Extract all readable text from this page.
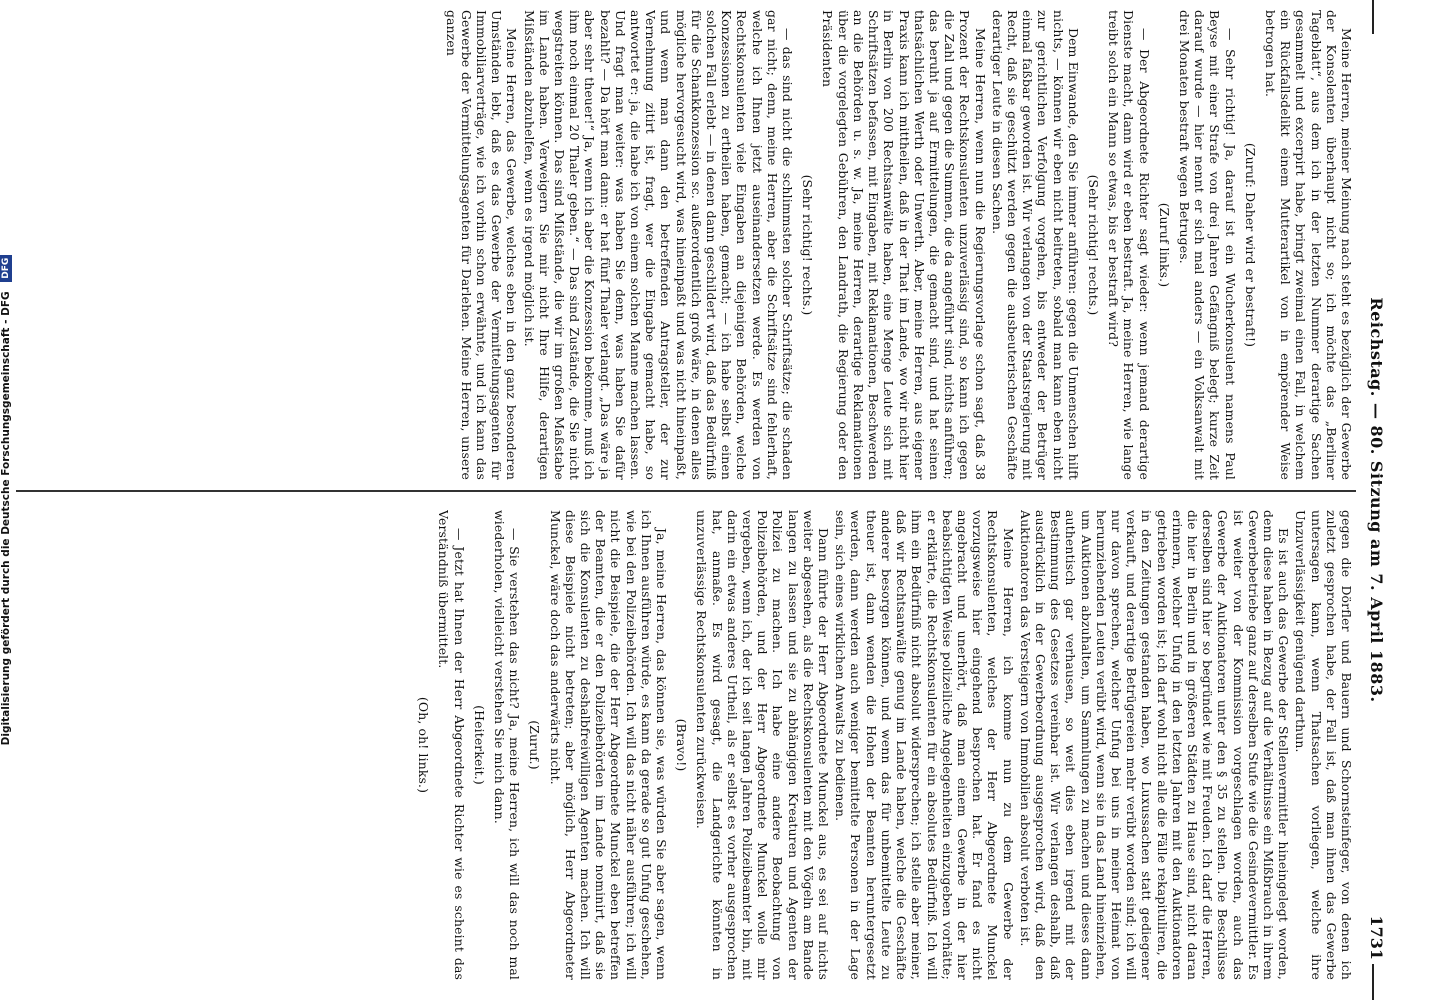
Reichstag. — 80. Sitzung am 7. April 1883.

Meine Herren, meiner Meinung nach steht es bezüglich der Gewerbe der Konsolenten überhaupt nicht so; ich möchte das „Berliner Tageblatt“, aus dem ich in der letzten Nummer derartige Sachen gesammelt und excerpirt habe, bringt zweimal einen Fall, in welchem ein Rückfallsdelikt einem Mutterartikel von in empörender Weise betrogen hat.

(Zuruf: Daher wird er bestraft!)

— Sehr richtig! Ja, darauf ist ein Wucherkonsulent namens Paul Beyse mit einer Strafe von drei Jahren Gefängniß belegt; kurze Zeit darauf wurde — hier nennt er sich mal anders — ein Volksanwalt mit drei Monaten bestraft wegen Betruges.

(Zuruf links.)

— Der Abgeordnete Richter sagt wieder: wenn jemand derartige Dienste macht, dann wird er eben bestraft. Ja, meine Herren, wie lange treibt solch ein Mann so etwas, bis er bestraft wird?

(Sehr richtig! rechts.)

Dem Einwande, den Sie immer anführen: gegen die Unmenschen hilft nichts, — können wir eben nicht beitreten, sobald man kann eben nicht zur gerichtlichen Verfolgung vorgehen, bis entweder der Betrüger einmal faßbar geworden ist. Wir verlangen von der Staatsregierung mit Recht, daß sie geschützt werden gegen die ausbeuterischen Geschäfte derartiger Leute in diesen Sachen.

Meine Herren, wenn nun die Regierungsvorlage schon sagt, daß 38 Prozent der Rechtskonsulenten unzuverlässig sind, so kann ich gegen die Zahl und gegen die Summen, die da angeführt sind, nichts anführen; das beruht ja auf Ermittelungen, die gemacht sind, und hat seinen thatsächlichen Werth oder Unwerth. Aber, meine Herren, aus eigener Praxis kann ich mittheilen, daß in der That im Lande, wo wir nicht hier in Berlin von 200 Rechtsanwälte haben, eine Menge Leute sich mit Schriftsätzen befassen, mit Eingaben, mit Reklamationen, Beschwerden an die Behörden u. s. w. Ja, meine Herren, derartige Reklamationen über die vorgelegten Gebühren, den Landrath, die Regierung oder den Präsidenten

(Sehr richtig! rechts.)

— das sind nicht die schlimmsten solcher Schriftsätze; die schaden gar nicht; denn, meine Herren, aber die Schriftsätze sind fehlerhaft, welche ich Ihnen jetzt auseinandersetzen werde. Es werden von Rechtskonsulenten viele Eingaben an diejenigen Behörden, welche Konzessionen zu ertheilen haben, gemacht; — ich habe selbst einen solchen Fall erlebt — in denen dann geschildert wird, daß das Bedürfniß für die Schankkonzession sc. außerordentlich groß wäre, in denen alles mögliche hervorgesucht wird, was hineinpaßt und was nicht hineinpaßt, und wenn man dann den betreffenden Antragsteller, der zur Vernehmung zitirt ist, fragt, wer die Eingabe gemacht habe, so antwortet er: ja, die habe ich von einem solchen Manne machen lassen. Und fragt man weiter: was haben Sie denn, was haben Sie dafür bezahlt? — Da hört man dann: er hat fünf Thaler verlangt. „Das wäre ja aber sehr theuer!“ Ja, wenn ich aber die Konzession bekomme, muß ich ihm noch einmal 20 Thaler geben.“ — Das sind Zustände, die Sie nicht wegstreiten können. Das sind Mißstände, die wir im großen Maßstabe im Lande haben. Verweigern Sie mir nicht Ihre Hilfe, derartigen Mißständen abzuhelfen, wenn es irgend möglich ist.

Meine Herren, das Gewerbe, welches eben in den ganz besonderen Umständen lebt, daß es das Gewerbe der Vermittelungsagenten für Immobiliarverträge, wie ich vorhin schon erwähnte, und ich kann das Gewerbe der Vermittelungsagenten für Darlehen. Meine Herren, unsere ganzen

gegen die Dörfler und Bauern und Schornsteinfeger, von denen ich zuletzt gesprochen habe, der Fall ist, daß man ihnen das Gewerbe untersagen kann, wenn Thatsachen vorliegen, welche ihre Unzuverlässigkeit genügend darthun.

Es ist auch das Gewerbe der Stellenvermittler hineingelegt worden, denn diese haben in Bezug auf die Verhältnisse ein Mißbrauch in ihrem Gewerbebetriebe ganz auf derselben Stufe wie die Gesindevermittler. Es ist weiter von der Kommission vorgeschlagen worden, auch das Gewerbe der Auktionatoren unter den § 35 zu stellen. Die Beschlüsse derselben sind hier so begründet wie mit Freuden. Ich darf die Herren, die hier in Berlin und in größeren Städten zu Hause sind, nicht daran erinnern, welcher Unfug in den letzten Jahren mit den Auktionatoren getrieben worden ist; ich darf wohl nicht alle die Fälle rekapituliren, die in den Zeitungen gestanden haben, wo Luxussachen statt gediegener verkauft, und derartige Betrügereien mehr verübt worden sind; ich will nur davon sprechen, welcher Unfug bei uns in meiner Heimat von herumziehenden Leuten verübt wird, wenn sie in das Land hineinziehen, um Auktionen abzuhalten, um Sammlungen zu machen und dieses dann authentisch gar verhausen, so weit dies eben irgend mit der Bestimmung des Gesetzes vereinbar ist. Wir verlangen deshalb, daß ausdrücklich in der Gewerbeordnung ausgesprochen wird, daß den Auktionatoren das Versteigern von Immobilien absolut verboten ist.

Meine Herren, ich komme nun zu dem Gewerbe der Rechtskonsulenten, welches der Herr Abgeordnete Munckel vorzugsweise hier eingehend besprochen hat. Er fand es nicht angebracht und unerhört, daß man einem Gewerbe in der hier beabsichtigten Weise polizeiliche Angelegenheiten einzugeben vorhätte; er erklärte, die Rechtskonsulenten für ein absolutes Bedürfniß. Ich will ihm ein Bedürfniß nicht absolut widersprechen; ich stelle aber meiner, daß wir Rechtsanwälte genug im Lande haben, welche die Geschäfte anderer besorgen können, und wenn das für unbemittelte Leute zu theuer ist, dann wenden die Hohen der Beamten heruntergesetzt werden, dann werden auch weniger bemittelte Personen in der Lage sein, sich eines wirklichen Anwalts zu bedienen.

Dann führte der Herr Abgeordnete Munckel aus, es sei auf nichts weiter abgesehen, als die Rechtskonsulenten mit den Vögeln am Bande langen zu lassen und sie zu abhängigen Kreaturen und Agenten der Polizei zu machen. Ich habe eine andere Beobachtung von Polizeibehörden, und der Herr Abgeordnete Munckel wolle mir vergeben, wenn ich, der ich seit langen Jahren Polizeibeamter bin, mit darin ein etwas anderes Urtheil, als er selbst es vorher ausgesprochen hat, anmaße. Es wird gesagt, die Landgerichte könnten in unzuverlässige Rechtskonsulenten zurückweisen.

(Bravo!)

Ja, meine Herren, das können sie, was würden Sie aber sagen, wenn ich Ihnen ausführen würde, es kann da gerade so gut Unfug geschehen, wie bei den Polizeibehörden. Ich will das nicht näher ausführen; ich will nicht die Beispiele, die der Herr Abgeordnete Munckel eben betreffen der Beamten, die er den Polizeibehörden im Lande nominirt, daß sie sich die Konsulenten zu deshalbfreiwilligen Agenten machen. Ich will diese Beispiele nicht betreten; aber möglich, Herr Abgeordneter Munckel, wäre doch das anderwärts nicht.

(Zuruf.)

— Sie verstehen das nicht? Ja, meine Herren, ich will das noch mal wiederholen, vielleicht verstehen Sie mich dann.

(Heiterkeit.)

— Jetzt hat Ihnen der Herr Abgeordnete Richter wie es scheint das Verständniß übermittelt.

(Oh, oh! links.)

1731
Digitalisierung gefördert durch die Deutsche Forschungsgemeinschaft - DFG DFG
